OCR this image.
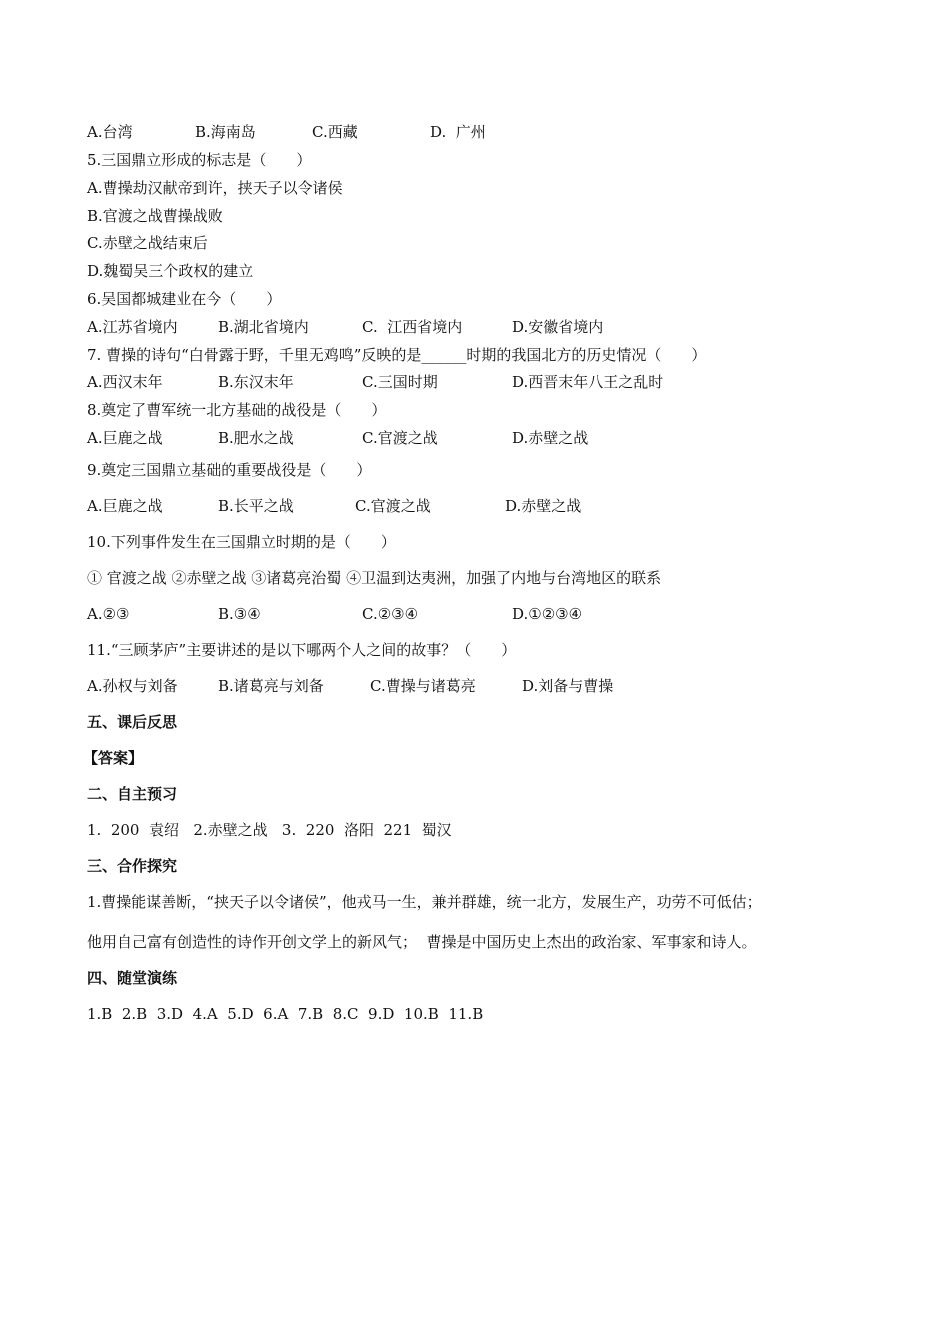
A.台湾	B.海南岛	C.西藏	D.  广州
5.三国鼎立形成的标志是（　　）
A.曹操劫汉献帝到许，挟天子以令诸侯
B.官渡之战曹操战败
C.赤壁之战结束后
D.魏蜀吴三个政权的建立
6.吴国都城建业在今（　　）
A.江苏省境内	B.湖北省境内	C.  江西省境内	D.安徽省境内
7. 曹操的诗句“白骨露于野，千里无鸡鸣”反映的是______时期的我国北方的历史情况（　　）
A.西汉末年	B.东汉末年	C.三国时期	D.西晋末年八王之乱时
8.奠定了曹军统一北方基础的战役是（　　）
A.巨鹿之战	B.肥水之战	C.官渡之战	D.赤壁之战
9.奠定三国鼎立基础的重要战役是（　　）
A.巨鹿之战	B.长平之战	C.官渡之战	D.赤壁之战
10.下列事件发生在三国鼎立时期的是（　　）
① 官渡之战 ②赤壁之战 ③诸葛亮治蜀 ④卫温到达夷洲，加强了内地与台湾地区的联系
A.②③	B.③④	C.②③④	D.①②③④
11.“三顾茅庐”主要讲述的是以下哪两个人之间的故事？（　　）
A.孙权与刘备	B.诸葛亮与刘备	C.曹操与诸葛亮	D.刘备与曹操
五、课后反思
【答案】
二、自主预习
1.  200  袁绍   2.赤壁之战   3.  220  洛阳  221  蜀汉
三、合作探究
1.曹操能谋善断，“挟天子以令诸侯”，他戎马一生，兼并群雄，统一北方，发展生产，功劳不可低估；
他用自己富有创造性的诗作开创文学上的新风气；  曹操是中国历史上杰出的政治家、军事家和诗人。
四、随堂演练
1.B  2.B  3.D  4.A  5.D  6.A  7.B  8.C  9.D  10.B  11.B
